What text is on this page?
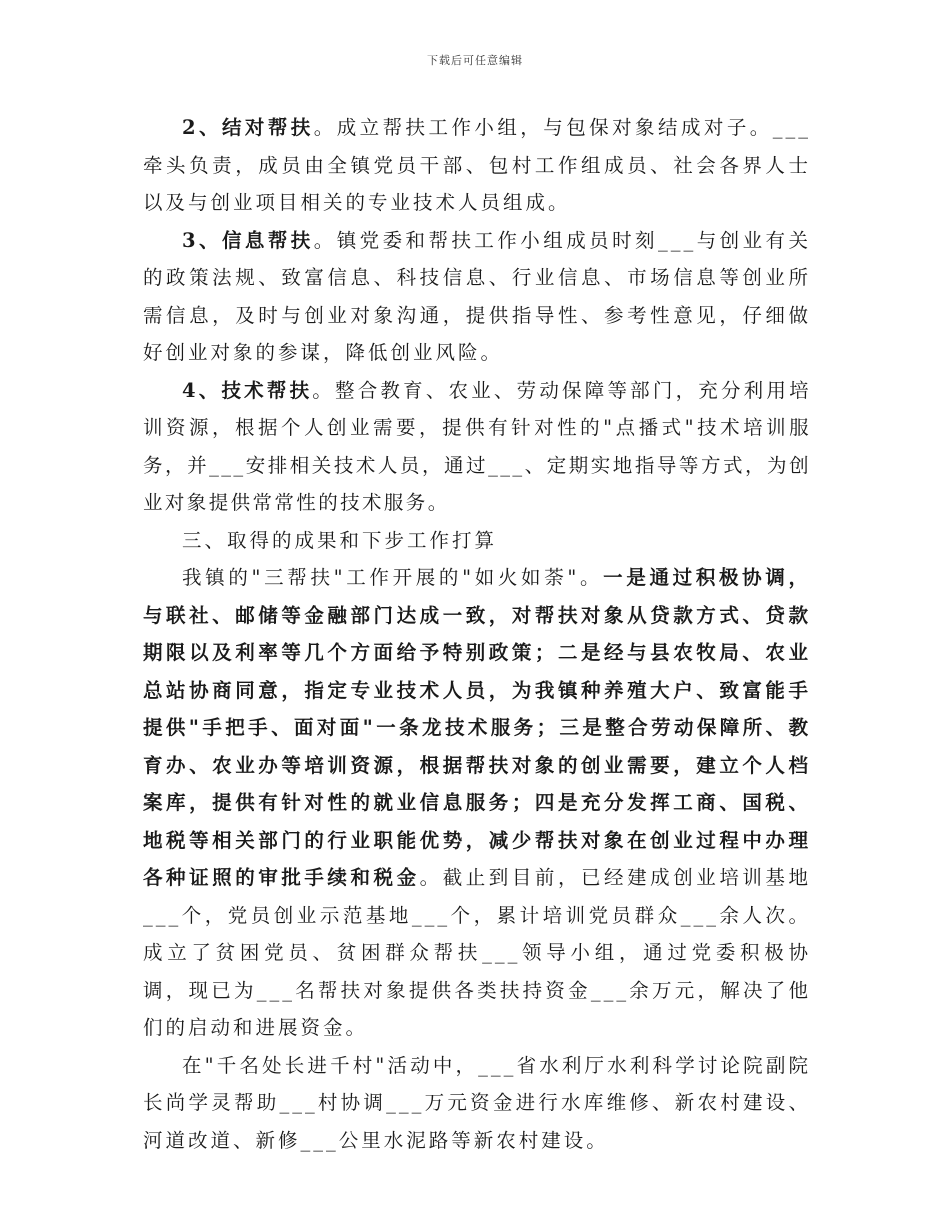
下载后可任意编辑

2、结对帮扶。成立帮扶工作小组，与包保对象结成对子。___牵头负责，成员由全镇党员干部、包村工作组成员、社会各界人士以及与创业项目相关的专业技术人员组成。

3、信息帮扶。镇党委和帮扶工作小组成员时刻___与创业有关的政策法规、致富信息、科技信息、行业信息、市场信息等创业所需信息，及时与创业对象沟通，提供指导性、参考性意见，仔细做好创业对象的参谋，降低创业风险。

4、技术帮扶。整合教育、农业、劳动保障等部门，充分利用培训资源，根据个人创业需要，提供有针对性的"点播式"技术培训服务，并___安排相关技术人员，通过___、定期实地指导等方式，为创业对象提供常常性的技术服务。

三、取得的成果和下步工作打算

我镇的"三帮扶"工作开展的"如火如荼"。一是通过积极协调，与联社、邮储等金融部门达成一致，对帮扶对象从贷款方式、贷款期限以及利率等几个方面给予特别政策；二是经与县农牧局、农业总站协商同意，指定专业技术人员，为我镇种养殖大户、致富能手提供"手把手、面对面"一条龙技术服务；三是整合劳动保障所、教育办、农业办等培训资源，根据帮扶对象的创业需要，建立个人档案库，提供有针对性的就业信息服务；四是充分发挥工商、国税、地税等相关部门的行业职能优势，减少帮扶对象在创业过程中办理各种证照的审批手续和税金。截止到目前，已经建成创业培训基地___个，党员创业示范基地___个，累计培训党员群众___余人次。成立了贫困党员、贫困群众帮扶___领导小组，通过党委积极协调，现已为___名帮扶对象提供各类扶持资金___余万元，解决了他们的启动和进展资金。

在"千名处长进千村"活动中，___省水利厅水利科学讨论院副院长尚学灵帮助___村协调___万元资金进行水库维修、新农村建设、河道改道、新修___公里水泥路等新农村建设。
